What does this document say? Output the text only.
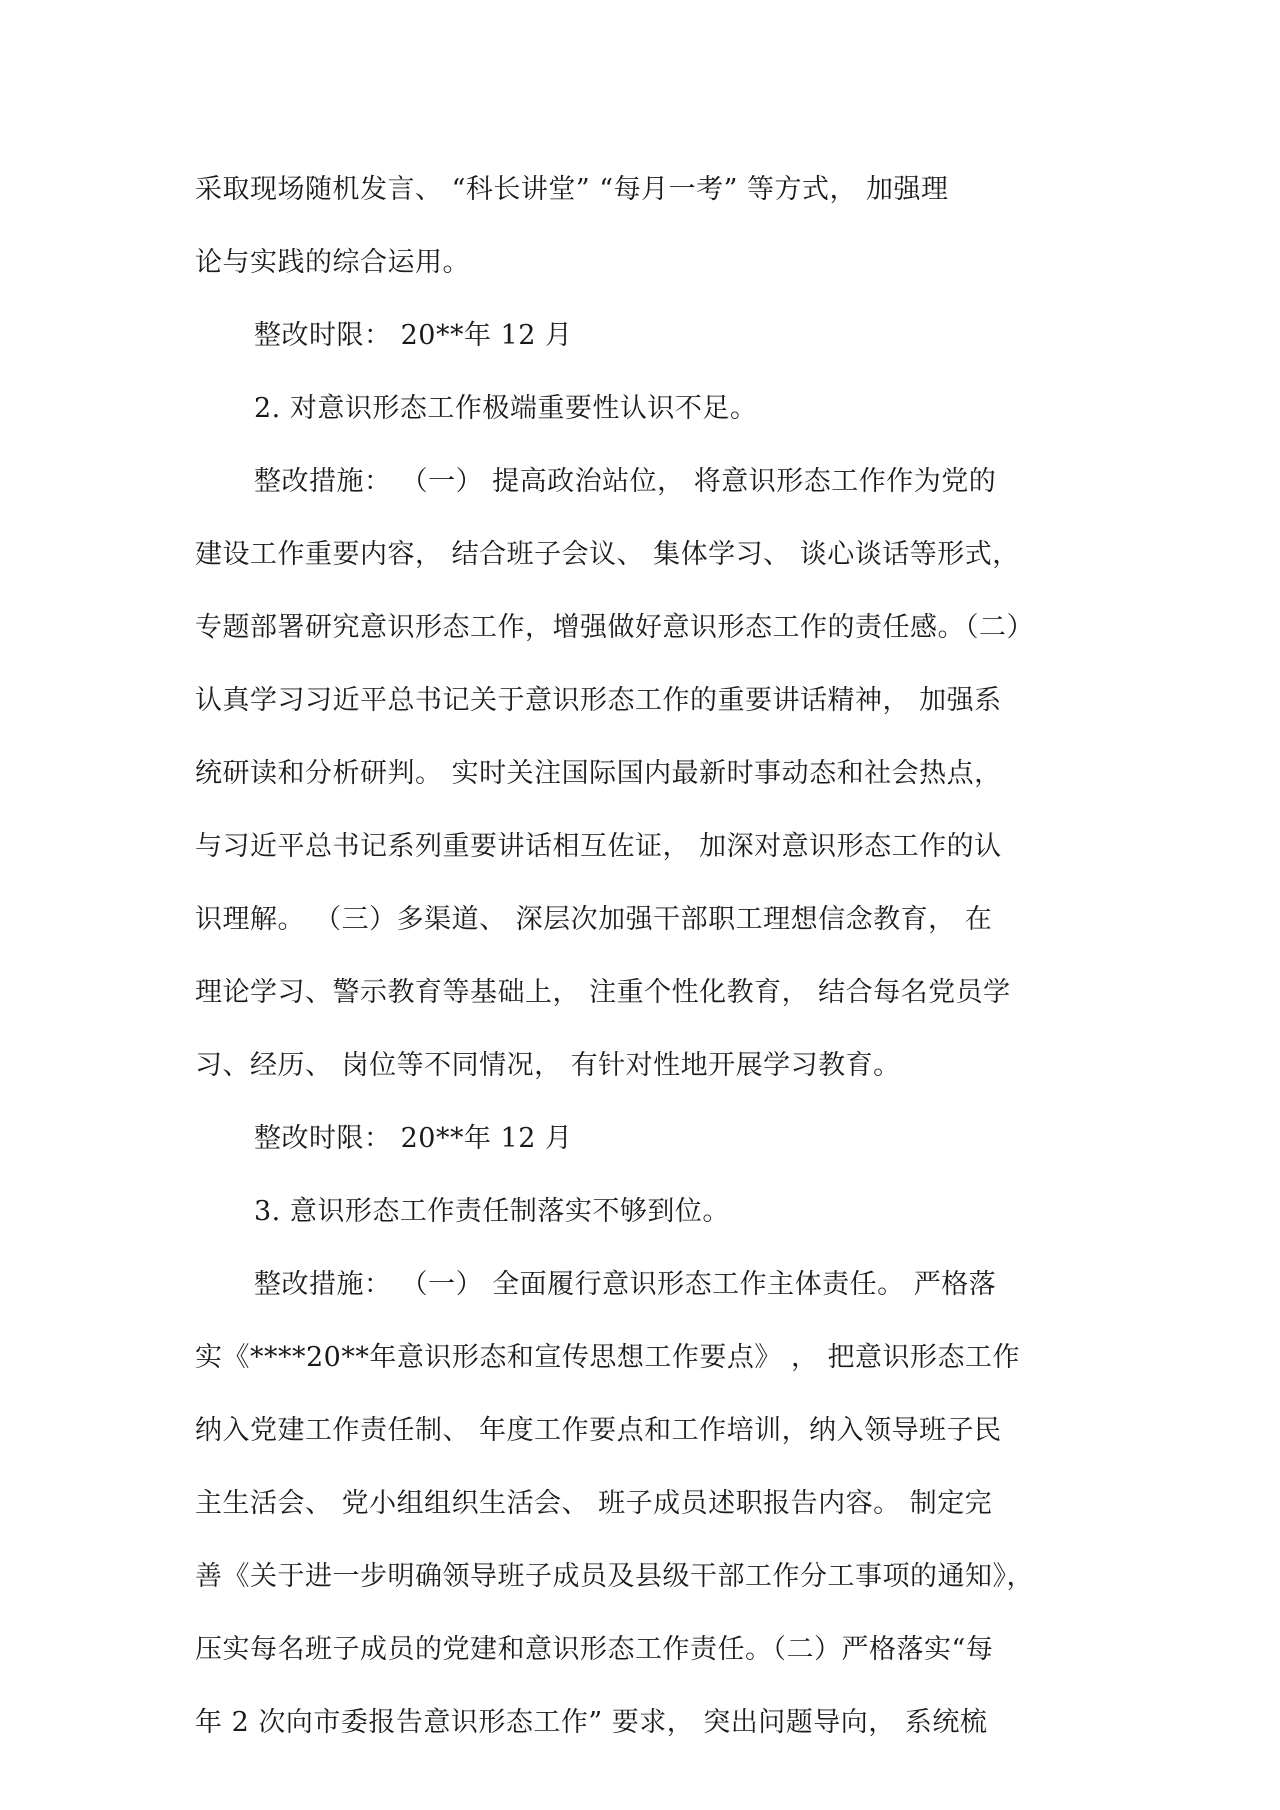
采取现场随机发言、 “科长讲堂” “每月一考” 等方式， 加强理
论与实践的综合运用。
整改时限： 20**年 12 月
2. 对意识形态工作极端重要性认识不足。
整改措施： （一） 提高政治站位， 将意识形态工作作为党的
建设工作重要内容， 结合班子会议、 集体学习、 谈心谈话等形式，
专题部署研究意识形态工作，增强做好意识形态工作的责任感。（二）
认真学习习近平总书记关于意识形态工作的重要讲话精神， 加强系
统研读和分析研判。 实时关注国际国内最新时事动态和社会热点，
与习近平总书记系列重要讲话相互佐证， 加深对意识形态工作的认
识理解。 （三）多渠道、 深层次加强干部职工理想信念教育， 在
理论学习、警示教育等基础上， 注重个性化教育， 结合每名党员学
习、经历、 岗位等不同情况， 有针对性地开展学习教育。
整改时限： 20**年 12 月
3. 意识形态工作责任制落实不够到位。
整改措施： （一） 全面履行意识形态工作主体责任。 严格落
实《****20**年意识形态和宣传思想工作要点》 ， 把意识形态工作
纳入党建工作责任制、 年度工作要点和工作培训，纳入领导班子民
主生活会、 党小组组织生活会、 班子成员述职报告内容。 制定完
善《关于进一步明确领导班子成员及县级干部工作分工事项的通知》，
压实每名班子成员的党建和意识形态工作责任。（二）严格落实“每
年 2 次向市委报告意识形态工作” 要求， 突出问题导向， 系统梳
